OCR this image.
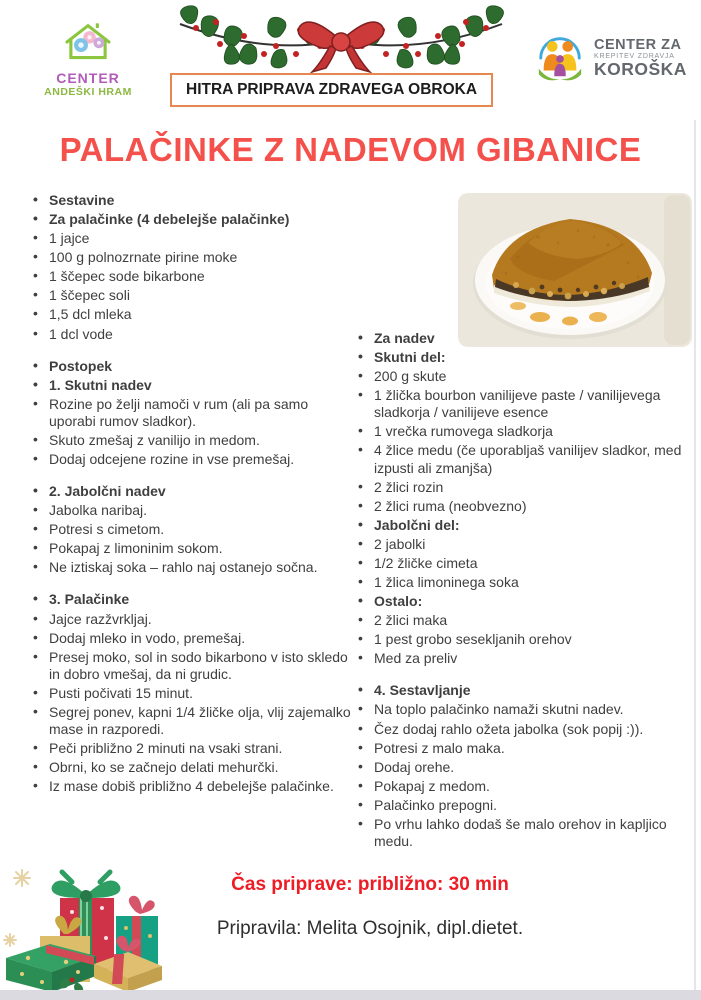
CENTER
ANDEŠKI HRAM	HITRA PRIPRAVA ZDRAVEGA OBROKA
CENTER ZA
KREPITEV ZDRAVJA
KOROŠKA
PALAČINKE Z NADEVOM GIBANICE
• Sestavine
• Za palačinke (4 debelejše palačinke)
• 1 jajce
• 100 g polnozrnate pirine moke
• 1 ščepec sode bikarbone
• 1 ščepec soli
• 1,5 dcl mleka
• 1 dcl vode
• Postopek
• 1. Skutni nadev
• Rozine po želji namoči v rum (ali pa samo uporabi rumov sladkor).
• Skuto zmešaj z vanilijo in medom.
• Dodaj odcejene rozine in vse premešaj.
• 2. Jabolčni nadev
• Jabolka naribaj.
• Potresi s cimetom.
• Pokapaj z limoninim sokom.
• Ne iztiskaj soka – rahlo naj ostanejo sočna.
• 3. Palačinke
• Jajce razžvrkljaj.
• Dodaj mleko in vodo, premešaj.
• Presej moko, sol in sodo bikarbono v isto skledo in dobro vmešaj, da ni grudic.
• Pusti počivati 15 minut.
• Segrej ponev, kapni 1/4 žličke olja, vlij zajemalko mase in razporedi.
• Peči približno 2 minuti na vsaki strani.
• Obrni, ko se začnejo delati mehurčki.
• Iz mase dobiš približno 4 debelejše palačinke.
• Za nadev
• Skutni del:
• 200 g skute
• 1 žlička bourbon vanilijeve paste / vanilijevega sladkorja / vanilijeve esence
• 1 vrečka rumovega sladkorja
• 4 žlice medu (če uporabljaš vanilijev sladkor, med izpusti ali zmanjša)
• 2 žlici rozin
• 2 žlici ruma (neobvezno)
• Jabolčni del:
• 2 jabolki
• 1/2 žličke cimeta
• 1 žlica limoninega soka
• Ostalo:
• 2 žlici maka
• 1 pest grobo sesekljanih orehov
• Med za preliv
• 4. Sestavljanje
• Na toplo palačinko namaži skutni nadev.
• Čez dodaj rahlo ožeta jabolka (sok popij :)).
• Potresi z malo maka.
• Dodaj orehe.
• Pokapaj z medom.
• Palačinko prepogni.
• Po vrhu lahko dodaš še malo orehov in kapljico medu.
Čas priprave: približno: 30 min
Pripravila: Melita Osojnik, dipl.dietet.
